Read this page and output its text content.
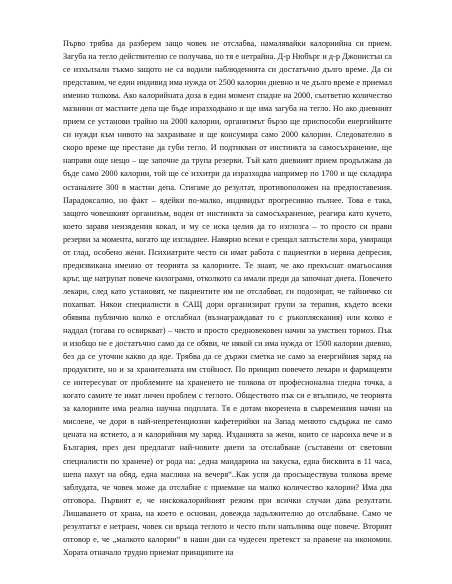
Първо трябва да разберем защо човек не отслабва, намалявайки калориийна си прием. Загуба на теглo действително се получава, но тя е нетрайна. Д-р Нюбърг и д-р Джонистън са се изхълзали тъкмо защото не са водили наблюденията си достатъчно дълго време. Да си представим, че един индивид има нужда от 2500 калории дневно и че дълго време е приемал именно толкова. Ако калорийната доза в един момент спадне на 2000, съответно количество мазнини от мастните депа ще бъде изразходвано и ще има загуба на тегло. Но ако дневният прием се установи трайно на 2000 калории, организмът бързо ще приспособи енергийните си нужди към нивото на захранване и ще консумира само 2000 калории. Следователно в скоро време ще престане да губи тегло. И подтикван от инстинкта за самосъхранение, ще направи още нещо – ще започне да трупа резерви. Тъй като дневният прием продължава да бъде само 2000 калории, той ще се изхитри да изразходва например по 1700 и ще складира останалите 300 в мастни депа. Стигаме до резултат, противоположен на предпоставения. Парадоксално, но факт – ядейки по-малко, индивидът прогресивно пълнее. Това е така, защото човешкият организъм, воден от инстинкта за самосъхранение, реагира като кучето, което заравя неизядения кокал, и му се иска целия да го изглозга – то просто си прави резерви за момента, когато ще изгладнее. Навярно всеки е срещал затлъстели хора, умиращи от глад, особено жени. Психиатрите често си имат работа с пациентки в нервна депресия, предизвикана именно от теорията за калориите. Те знаят, че ако прекъснат омагьосания кръг, ще натрупат повече килограми, отколкото са имали преди да започнат диета. Повечето лекари, след като установят, че пациентите им не отслабват, ги подозират, че тайничко си похапват. Някои специалисти в САЩ дори организират групи за терапия, където всеки обявява публично колко е отслабнал (възнаграждават го с ръкопляскания) или колко е наддал (тогава го освиркват) – чисто и просто средновековен начин за умствен тормоз. Пък и изобщо не е достатъчно само да се обяви, че някой си има нужда от 1500 калории дневно, без да се уточни какво да яде. Трябва да се държи сметка не само за енергийния заряд на продуктите, но и за хранителната им стойност. По принцип повечето лекари и фармацевти се интересуват от проблемите на храненето не толкова от професионална гледна точка, а когато самите те имат личен проблем с теглото. Обществото пък си е втълпило, че теорията за калориите има реална научна подплата. Тя е дотам вкоренена в съвременния начин на мислене, че дори в най-непретенциозни кафетерийки на Запад менюто съдържа не само цената на ястието, а и калорийния му заряд. Изданията за жени, които се нароиха вече и в България, през ден предлагат най-новите диети за отслабване (съставени от световни специалисти по хранене) от рода на: „една мандарина на закуска, една бисквита в 11 часа, шепа нахут на обяд, една маслина на вечеря“..Как успя да просъществува толкова време заблудата, че човек може да отслабне с приемане на малко количество калории? Има два отговора. Първият е, че нискокалорийният режим при всички случаи дава резултати. Лишаването от храна, на което е основан, довежда задължително до отслабване. Само че резултатът е нетраен, човек си връща теглото и често пъти напълнява още повече. Вторият отговор е, че „малкото калории“ в наши дни са чудесен претекст за правене на икономии. Хората отначало трудно приемат принципите на
